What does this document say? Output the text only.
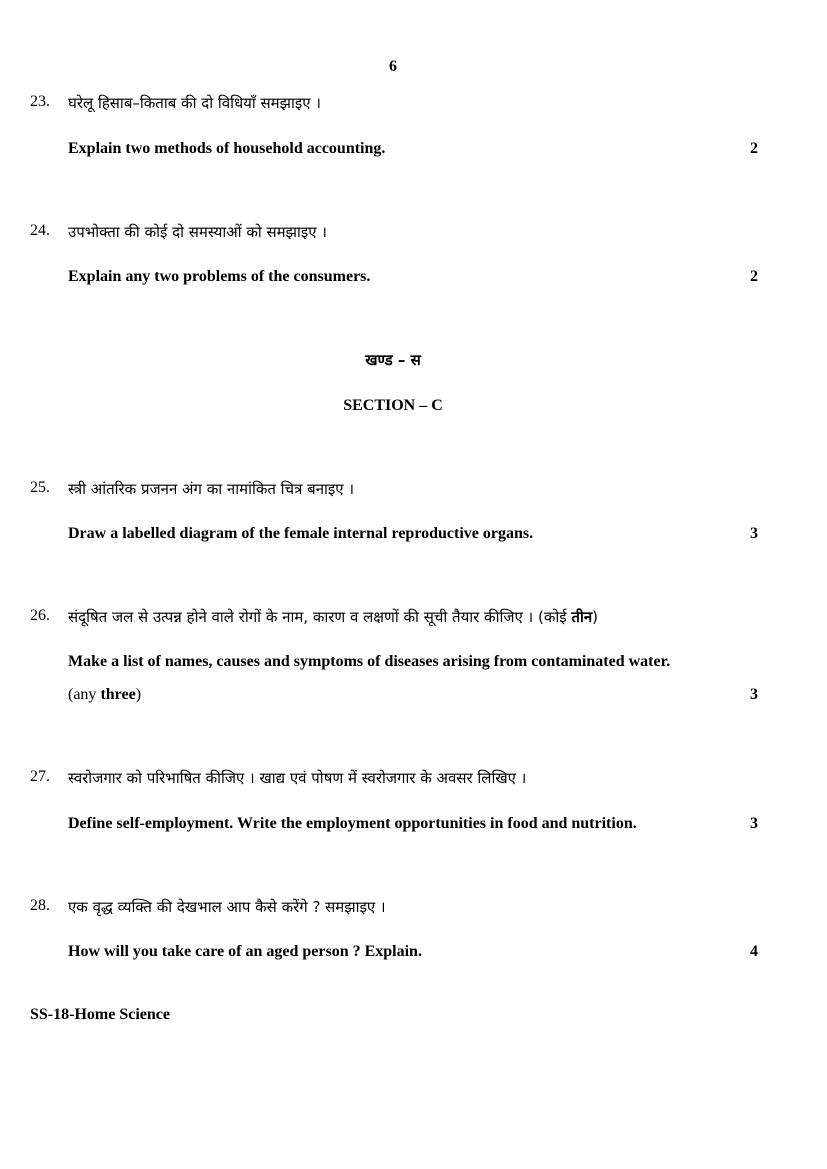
6
23. घरेलू हिसाब–किताब की दो विधियाँ समझाइए ।
Explain two methods of household accounting.	2
24. उपभोक्ता की कोई दो समस्याओं को समझाइए ।
Explain any two problems of the consumers.	2
खण्ड – स
SECTION – C
25. स्त्री आंतरिक प्रजनन अंग का नामांकित चित्र बनाइए ।
Draw a labelled diagram of the female internal reproductive organs.	3
26. संदूषित जल से उत्पन्न होने वाले रोगों के नाम, कारण व लक्षणों की सूची तैयार कीजिए । (कोई तीन)
Make a list of names, causes and symptoms of diseases arising from contaminated water.
(any three)	3
27. स्वरोजगार को परिभाषित कीजिए । खाद्य एवं पोषण में स्वरोजगार के अवसर लिखिए ।
Define self-employment. Write the employment opportunities in food and nutrition.	3
28. एक वृद्ध व्यक्ति की देखभाल आप कैसे करेंगे ? समझाइए ।
How will you take care of an aged person ? Explain.	4
SS-18-Home Science
